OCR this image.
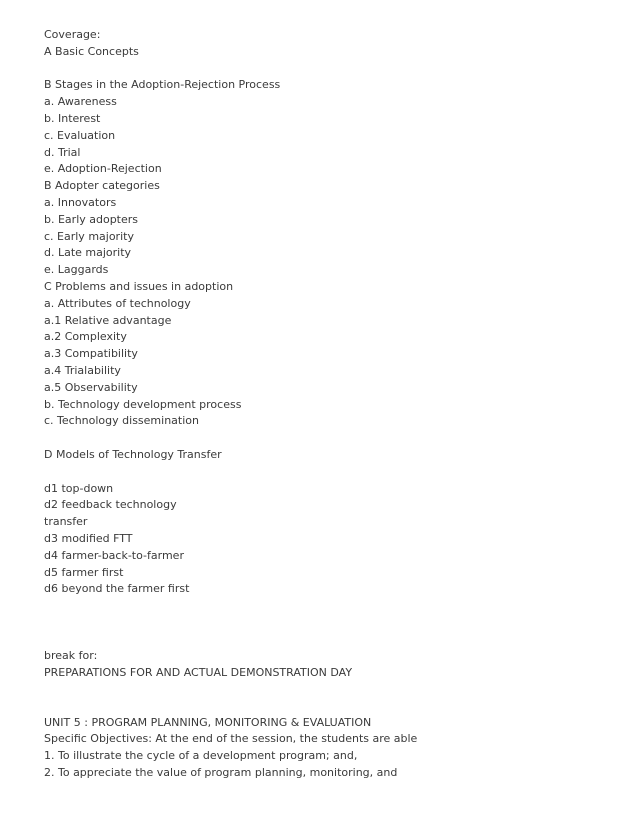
Coverage:
A Basic Concepts
B Stages in the Adoption-Rejection Process
a. Awareness
b. Interest
c. Evaluation
d. Trial
e. Adoption-Rejection
B Adopter categories
a. Innovators
b. Early adopters
c. Early majority
d. Late majority
e. Laggards
C Problems and issues in adoption
a. Attributes of technology
a.1 Relative advantage
a.2 Complexity
a.3 Compatibility
a.4 Trialability
a.5 Observability
b. Technology development process
c. Technology dissemination
D Models of Technology Transfer
d1 top-down
d2 feedback technology
transfer
d3 modified FTT
d4 farmer-back-to-farmer
d5 farmer first
d6 beyond the farmer first
break for:
PREPARATIONS FOR AND ACTUAL DEMONSTRATION DAY
UNIT 5 : PROGRAM PLANNING, MONITORING & EVALUATION
Specific Objectives: At the end of the session, the students are able
1. To illustrate the cycle of a development program; and,
2. To appreciate the value of program planning, monitoring, and
